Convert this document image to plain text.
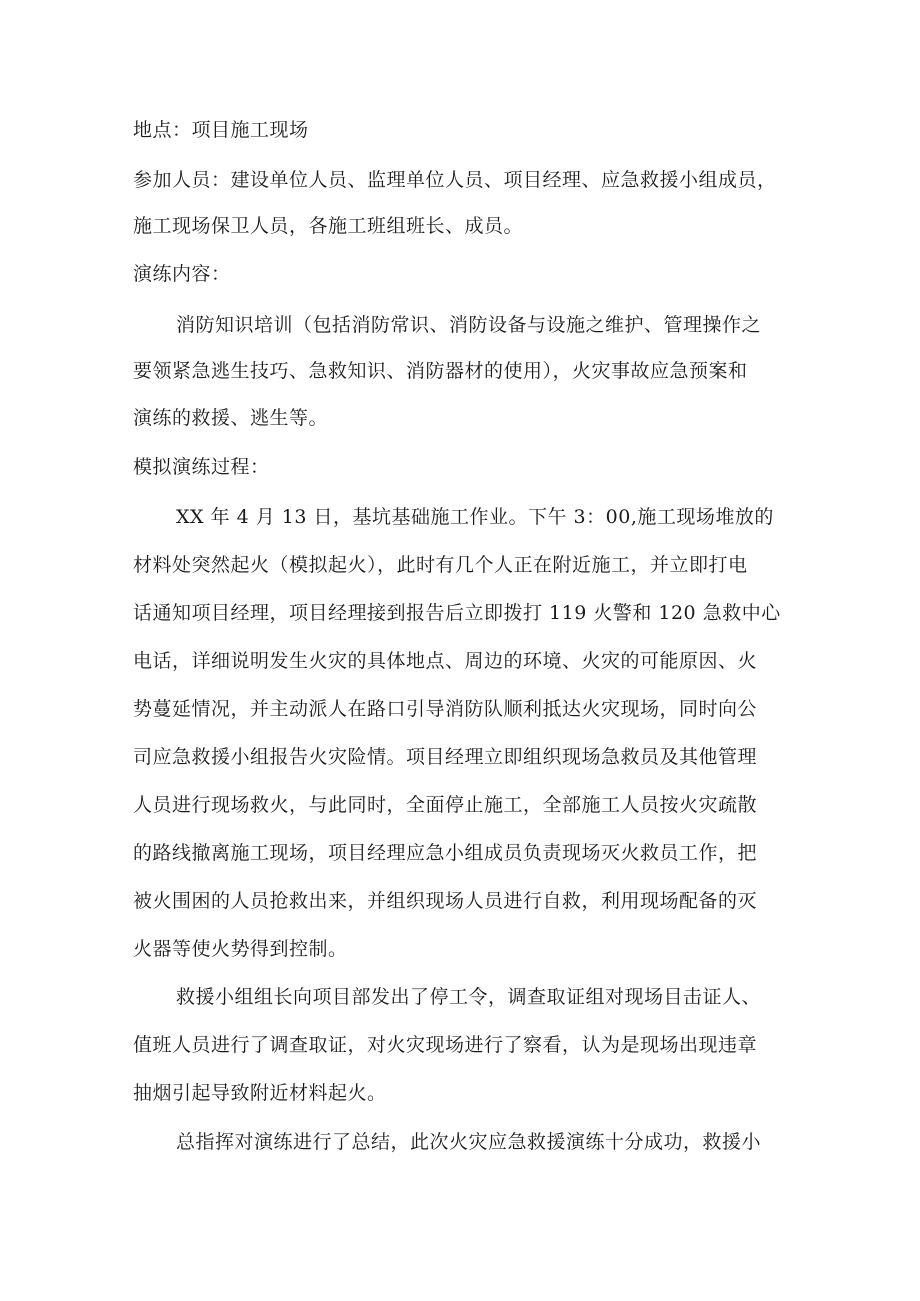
地点：项目施工现场
参加人员：建设单位人员、监理单位人员、项目经理、应急救援小组成员，
施工现场保卫人员，各施工班组班长、成员。
演练内容：
消防知识培训（包括消防常识、消防设备与设施之维护、管理操作之
要领紧急逃生技巧、急救知识、消防器材的使用），火灾事故应急预案和
演练的救援、逃生等。
模拟演练过程：
XX 年 4 月 13 日，基坑基础施工作业。下午 3：00,施工现场堆放的
材料处突然起火（模拟起火），此时有几个人正在附近施工，并立即打电
话通知项目经理，项目经理接到报告后立即拨打 119 火警和 120 急救中心
电话，详细说明发生火灾的具体地点、周边的环境、火灾的可能原因、火
势蔓延情况，并主动派人在路口引导消防队顺利抵达火灾现场，同时向公
司应急救援小组报告火灾险情。项目经理立即组织现场急救员及其他管理
人员进行现场救火，与此同时，全面停止施工，全部施工人员按火灾疏散
的路线撤离施工现场，项目经理应急小组成员负责现场灭火救员工作，把
被火围困的人员抢救出来，并组织现场人员进行自救，利用现场配备的灭
火器等使火势得到控制。
救援小组组长向项目部发出了停工令，调查取证组对现场目击证人、
值班人员进行了调查取证，对火灾现场进行了察看，认为是现场出现违章
抽烟引起导致附近材料起火。
总指挥对演练进行了总结，此次火灾应急救援演练十分成功，救援小
